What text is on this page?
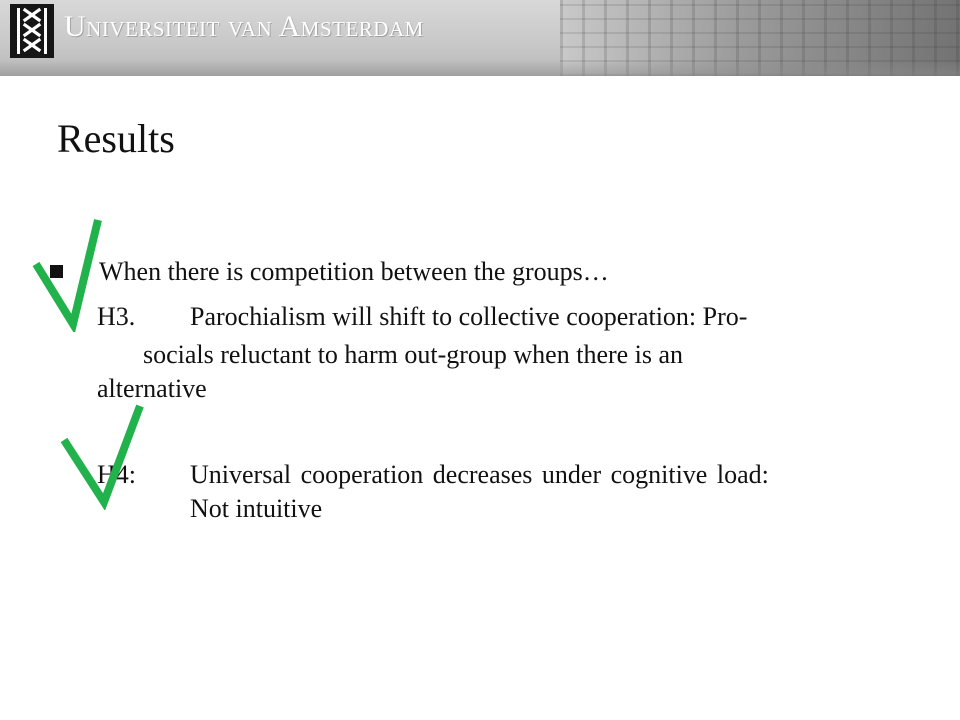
Universiteit van Amsterdam
Results
When there is competition between the groups…
H3. Parochialism will shift to collective cooperation: Pro-
socials reluctant to harm out-group when there is an
alternative
H4: Universal cooperation decreases under cognitive load:
Not intuitive
